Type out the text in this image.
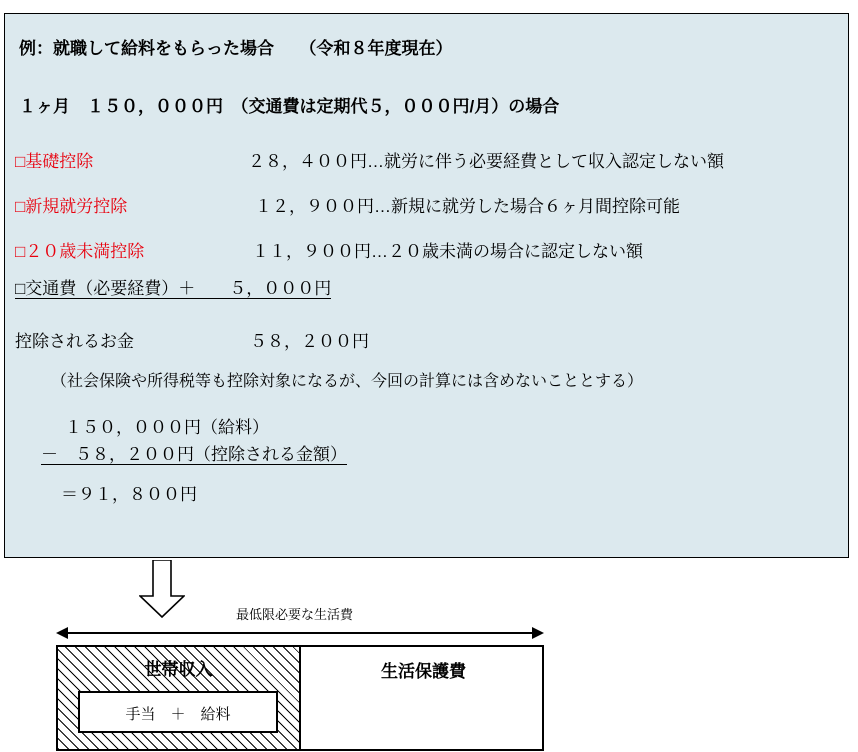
例：就職して給料をもらった場合　　（令和８年度現在）
１ヶ月　１５０，０００円　（交通費は定期代５，０００円/月）の場合
□基礎控除	２８，４００円…就労に伴う必要経費として収入認定しない額
□新規就労控除	１２，９００円…新規に就労した場合６ヶ月間控除可能
□２０歳未満控除	１１，９００円…２０歳未満の場合に認定しない額
□交通費（必要経費）＋　　５，０００円
控除されるお金	５８，２００円
（社会保険や所得税等も控除対象になるが、今回の計算には含めないこととする）
１５０，０００円（給料）
－　５８，２００円（控除される金額）
＝９１，８００円
最低限必要な生活費
世帯収入
手当　＋　給料
生活保護費
